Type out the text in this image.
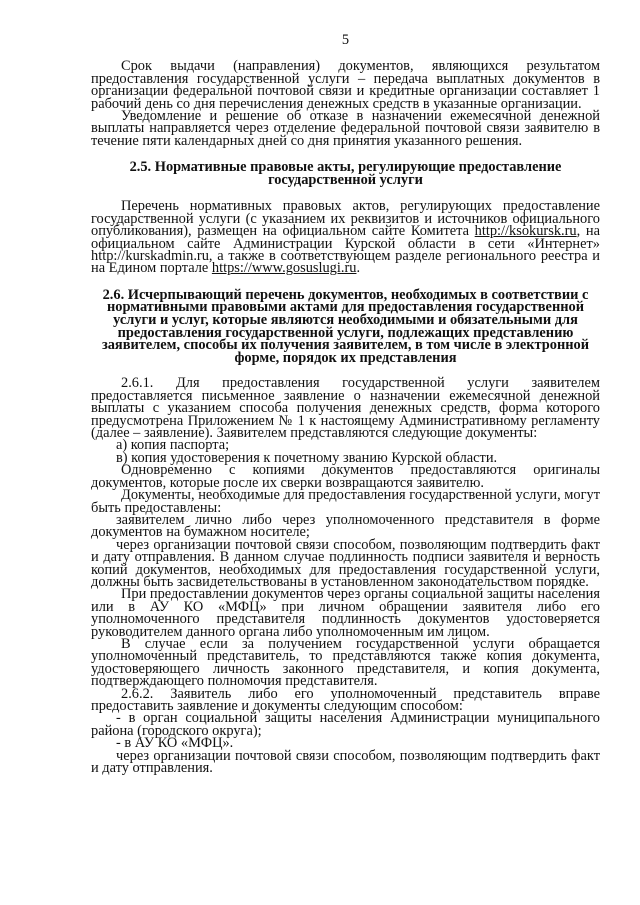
5

Срок выдачи (направления) документов, являющихся результатом предоставления государственной услуги – передача выплатных документов в организации федеральной почтовой связи и кредитные организации составляет 1 рабочий день со дня перечисления денежных средств в указанные организации.

Уведомление и решение об отказе в назначении ежемесячной денежной выплаты направляется через отделение федеральной почтовой связи заявителю в течение пяти календарных дней со дня принятия указанного решения.

2.5. Нормативные правовые акты, регулирующие предоставление государственной услуги

Перечень нормативных правовых актов, регулирующих предоставление государственной услуги (с указанием их реквизитов и источников официального опубликования), размещен на официальном сайте Комитета http://ksokursk.ru, на официальном сайте Администрации Курской области в сети «Интернет» http://kurskadmin.ru, а также в соответствующем разделе регионального реестра и на Едином портале https://www.gosuslugi.ru.

2.6. Исчерпывающий перечень документов, необходимых в соответствии с нормативными правовыми актами для предоставления государственной услуги и услуг, которые являются необходимыми и обязательными для предоставления государственной услуги, подлежащих представлению заявителем, способы их получения заявителем, в том числе в электронной форме, порядок их представления

2.6.1. Для предоставления государственной услуги заявителем предоставляется письменное заявление о назначении ежемесячной денежной выплаты с указанием способа получения денежных средств, форма которого предусмотрена Приложением № 1 к настоящему Административному регламенту (далее – заявление). Заявителем представляются следующие документы:

а) копия паспорта;

в) копия удостоверения к почетному званию Курской области.

Одновременно с копиями документов предоставляются оригиналы документов, которые после их сверки возвращаются заявителю.

Документы, необходимые для предоставления государственной услуги, могут быть предоставлены:

заявителем лично либо через уполномоченного представителя в форме документов на бумажном носителе;

через организации почтовой связи способом, позволяющим подтвердить факт и дату отправления. В данном случае подлинность подписи заявителя и верность копий документов, необходимых для предоставления государственной услуги, должны быть засвидетельствованы в установленном законодательством порядке.

При предоставлении документов через органы социальной защиты населения или в АУ КО «МФЦ» при личном обращении заявителя либо его уполномоченного представителя подлинность документов удостоверяется руководителем данного органа либо уполномоченным им лицом.

В случае если за получением государственной услуги обращается уполномоченный представитель, то представляются также копия документа, удостоверяющего личность законного представителя, и копия документа, подтверждающего полномочия представителя.

2.6.2. Заявитель либо его уполномоченный представитель вправе предоставить заявление и документы следующим способом:

- в орган социальной защиты населения Администрации муниципального района (городского округа);

- в АУ КО «МФЦ».

через организации почтовой связи способом, позволяющим подтвердить факт и дату отправления.
